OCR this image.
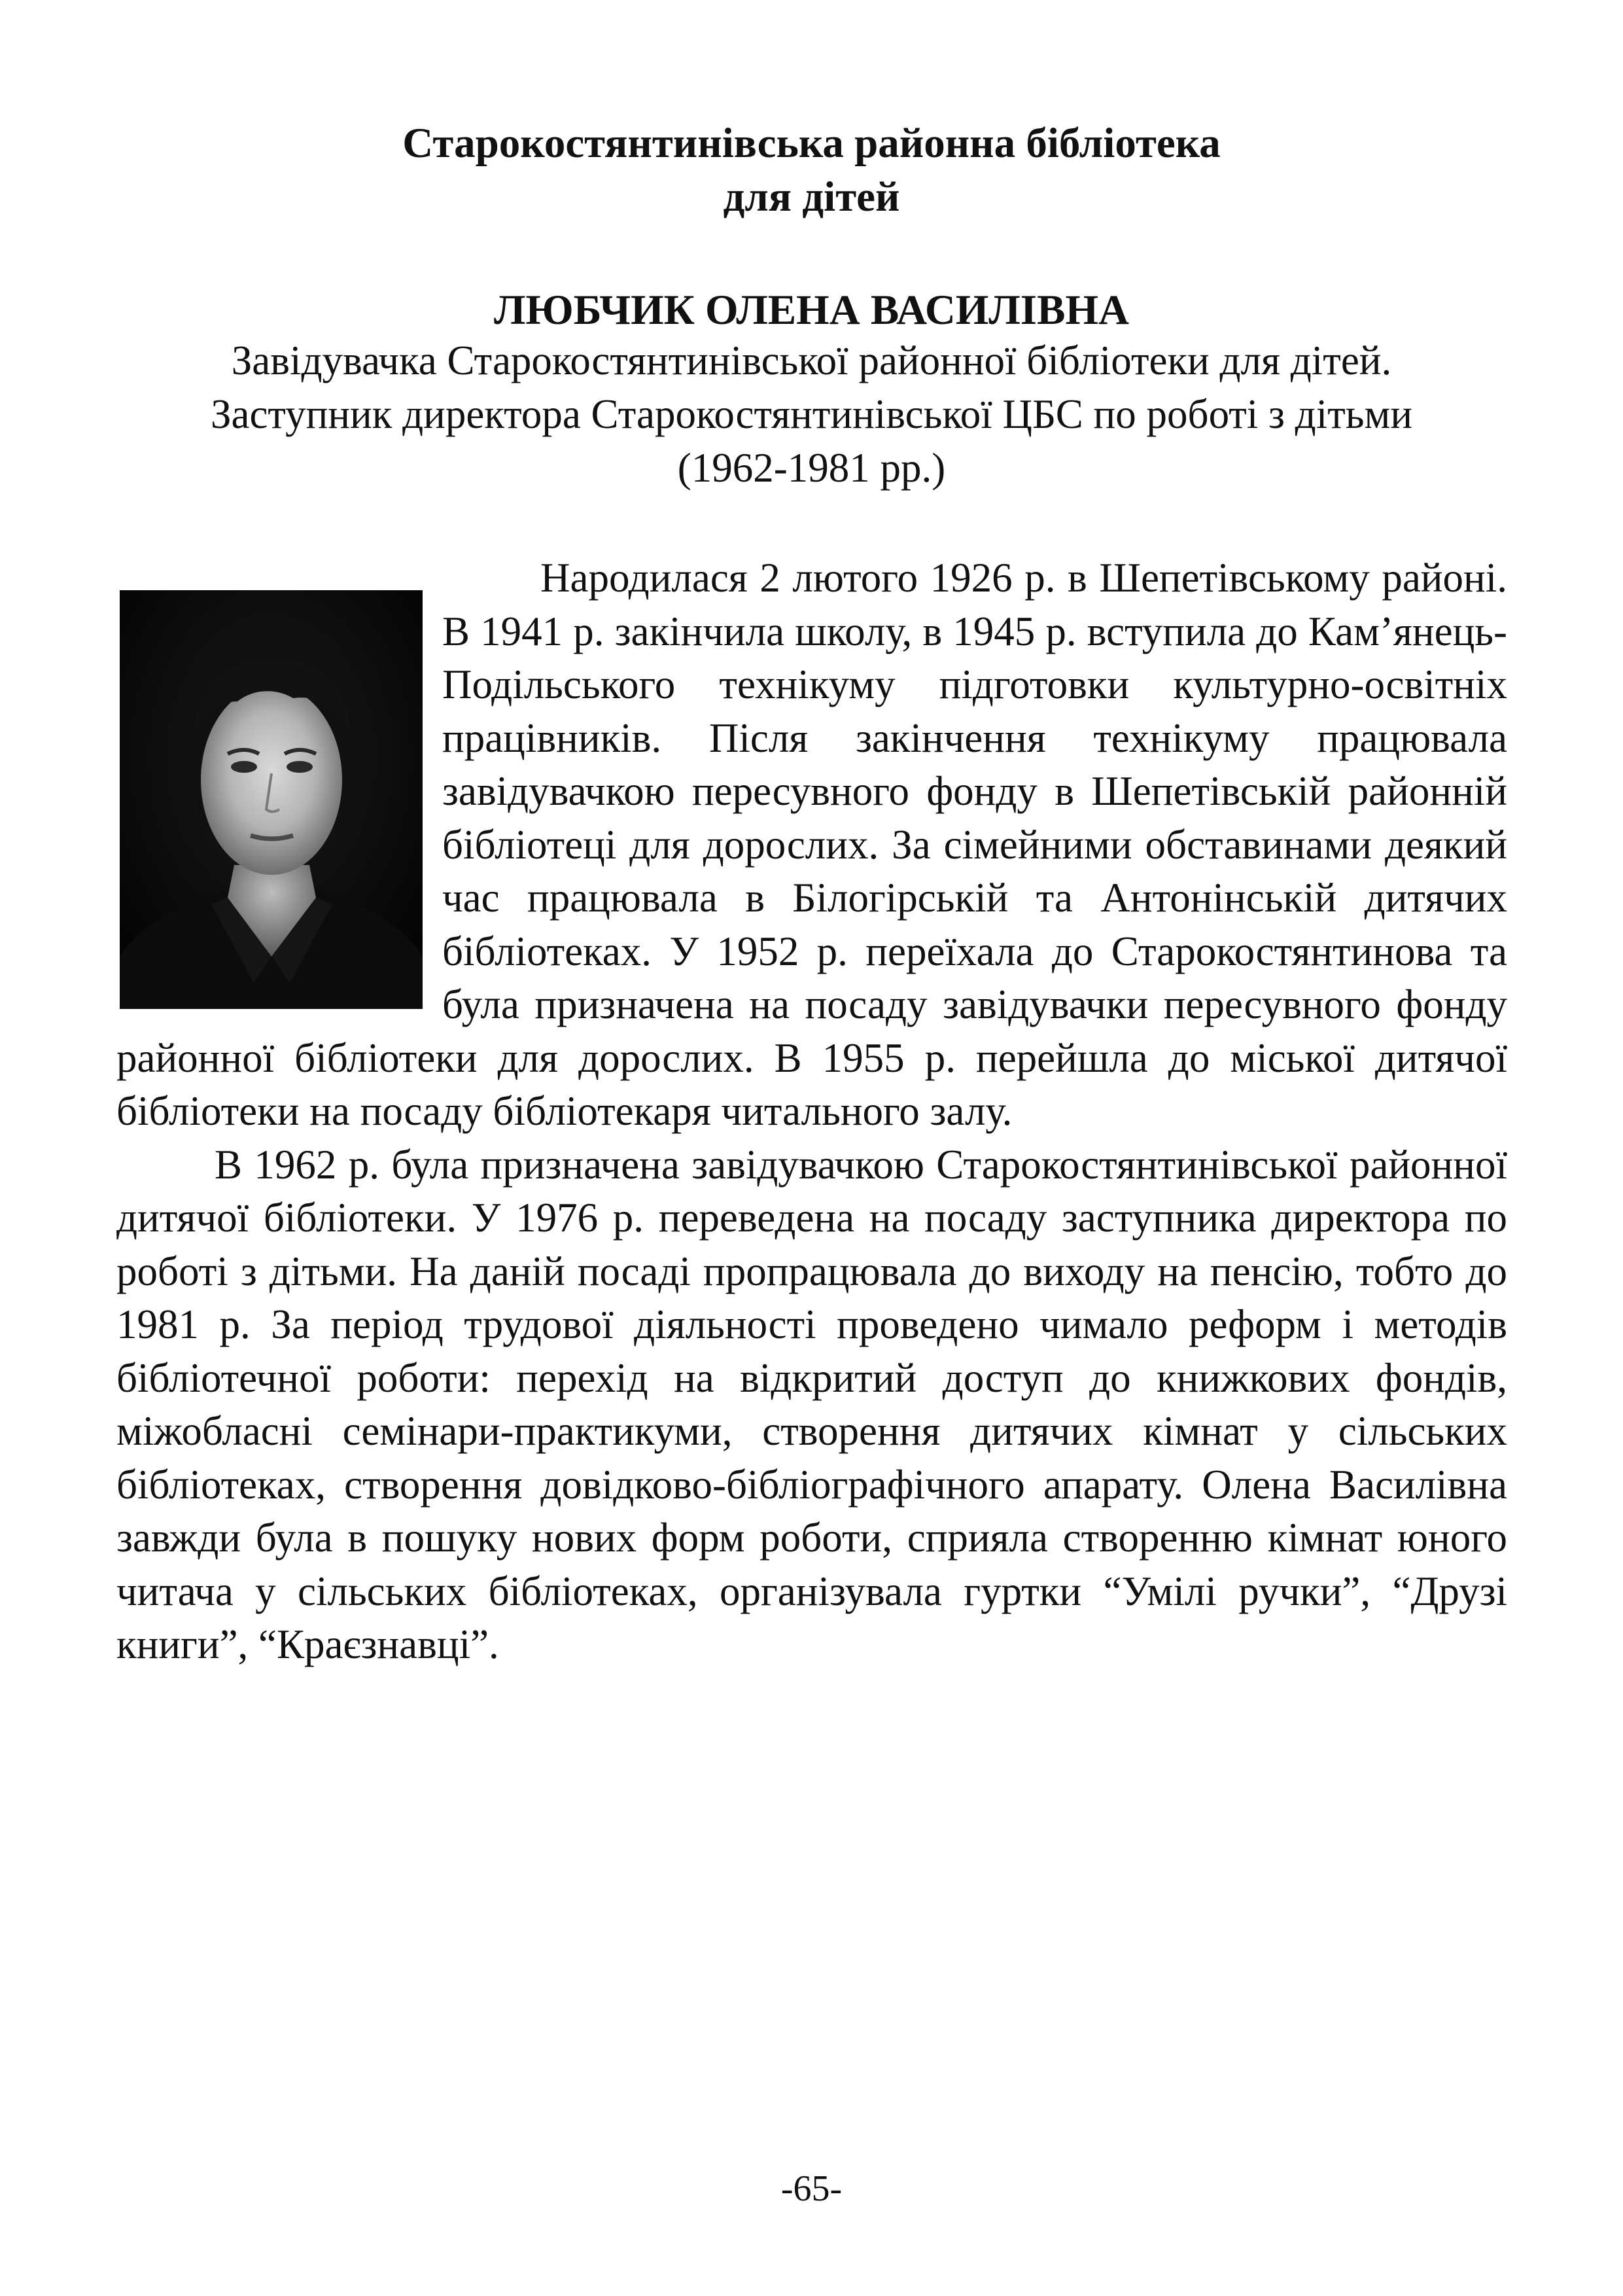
Старокостянтинівська районна бібліотека
для дітей
ЛЮБЧИК ОЛЕНА ВАСИЛІВНА
Завідувачка Старокостянтинівської районної бібліотеки для дітей.
Заступник директора Старокостянтинівської ЦБС по роботі з дітьми
(1962-1981 рр.)

Народилася 2 лютого 1926 р. в Шепетівському районі. В 1941 р. закінчила школу, в 1945 р. вступила до Кам’янець-Подільського технікуму підготовки культурно-освітніх працівників. Після закінчення технікуму працювала завідувачкою пересувного фонду в Шепетівській районній бібліотеці для дорослих. За сімейними обставинами деякий час працювала в Білогірській та Антонінській дитячих бібліотеках. У 1952 р. переїхала до Старокостянтинова та була призначена на посаду завідувачки пересувного фонду районної бібліотеки для дорослих. В 1955 р. перейшла до міської дитячої бібліотеки на посаду бібліотекаря читального залу.

В 1962 р. була призначена завідувачкою Старокостянтинівської районної дитячої бібліотеки. У 1976 р. переведена на посаду заступника директора по роботі з дітьми. На даній посаді пропрацювала до виходу на пенсію, тобто до 1981 р. За період трудової діяльності проведено чимало реформ і методів бібліотечної роботи: перехід на відкритий доступ до книжкових фондів, міжобласні семінари-практикуми, створення дитячих кімнат у сільських бібліотеках, створення довідково-бібліографічного апарату. Олена Василівна завжди була в пошуку нових форм роботи, сприяла створенню кімнат юного читача у сільських бібліотеках, організувала гуртки “Умілі ручки”, “Друзі книги”, “Краєзнавці”.

-65-
